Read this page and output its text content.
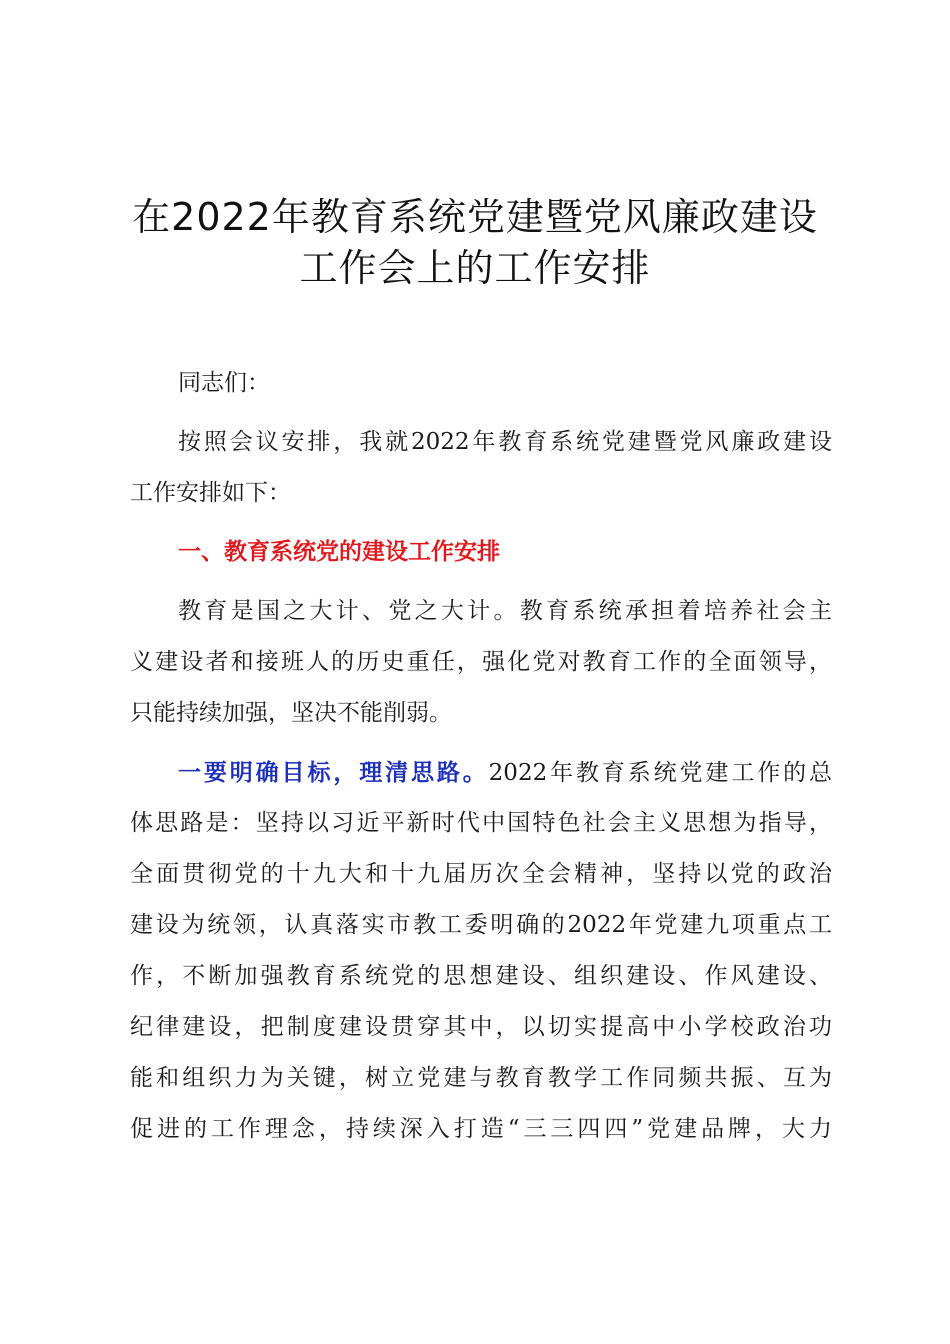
在2022年教育系统党建暨党风廉政建设
工作会上的工作安排
同志们：
按照会议安排，我就2022年教育系统党建暨党风廉政建设
工作安排如下：
一、教育系统党的建设工作安排
教育是国之大计、党之大计。教育系统承担着培养社会主
义建设者和接班人的历史重任，强化党对教育工作的全面领导，
只能持续加强，坚决不能削弱。
一要明确目标，理清思路。2022年教育系统党建工作的总
体思路是：坚持以习近平新时代中国特色社会主义思想为指导，
全面贯彻党的十九大和十九届历次全会精神，坚持以党的政治
建设为统领，认真落实市教工委明确的2022年党建九项重点工
作，不断加强教育系统党的思想建设、组织建设、作风建设、
纪律建设，把制度建设贯穿其中，以切实提高中小学校政治功
能和组织力为关键，树立党建与教育教学工作同频共振、互为
促进的工作理念，持续深入打造“三三四四”党建品牌，大力
